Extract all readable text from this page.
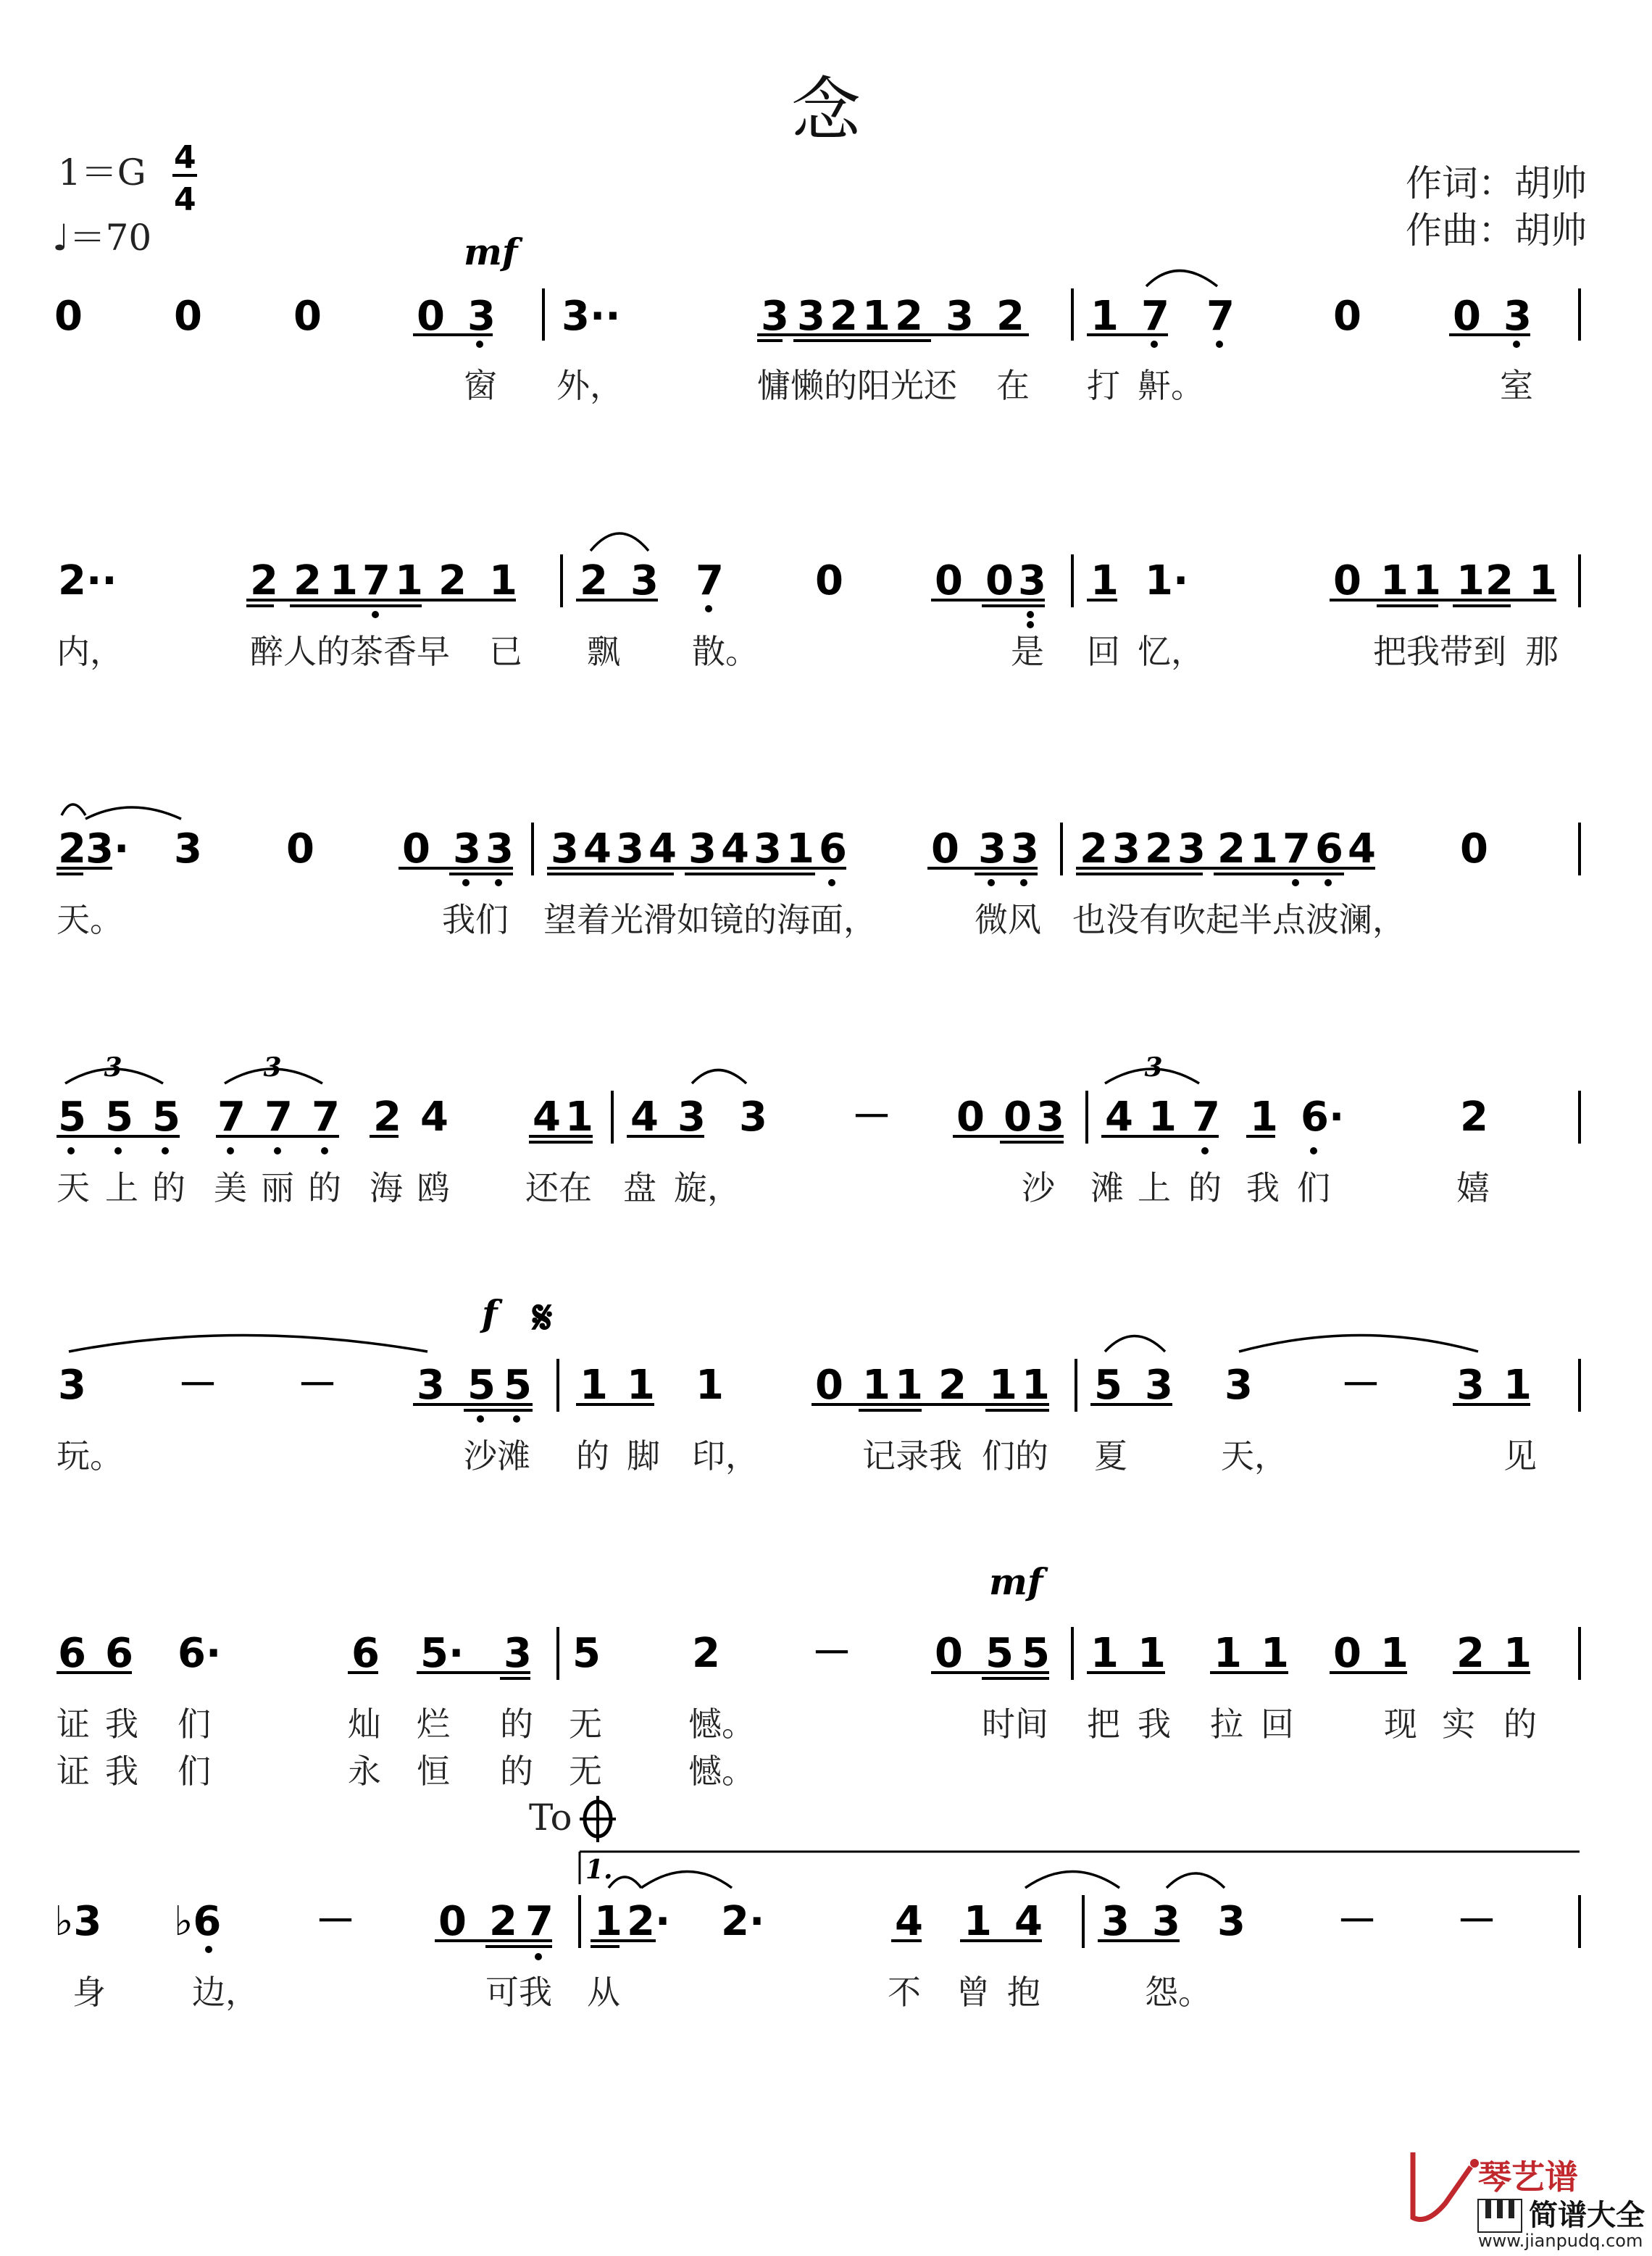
念
1＝G 4
4
♩＝70
作词：胡帅
作曲：胡帅
mf
0 0 0 0 3 3··	3 3 2 1 2 3 2 1 7 7 0 0 3
窗 外，	慵懒的阳光还 在 打 鼾。	室
2··	2 2 1 7 1 2 1 2 3 7 0 0 0 3 1 1·	0 1 1 1 2 1
内，	醉人的茶香早 已 飘 散。	是 回 忆，	把我带到 那
2 3· 3 0 0 3 3 3 4 3 4 3 4 3 1 6 0 3 3 2 3 2 3 2 1 7 6 4 0
天。	我们 望着光滑如镜的海面，	微风 也没有吹起半点波澜，
3	3
5 5 5 7 7 7 2 4 4 1 4 3 3 － 0 0 3
3
4 1 7 1 6·	2
天 上 的 美 丽 的 海 鸥 还在 盘 旋，	沙 滩 上 的 我 们	嬉
f 𝄋
3 － － 3 5 5 1 1 1 0 1 1 2 1 1 5 3 3 － 3 1
玩。	沙滩 的 脚 印，	记录我 们的 夏	天，	见
mf
6 6 6·	6 5· 3 5 2 － 0 5 5 1 1 1 1 0 1 2 1
证 我 们	灿 烂 的 无	憾。	时间 把 我 拉 回	现 实 的
证 我 们	永 恒 的 无	憾。
To	𝄌
1.
♭3 ♭6 － 0 2 7 1 2· 2·	4 1 4 3 3 3 － －
身	边，	可我 从	不 曾 抱	怨。
琴艺谱
简谱大全
www.jianpudq.com
